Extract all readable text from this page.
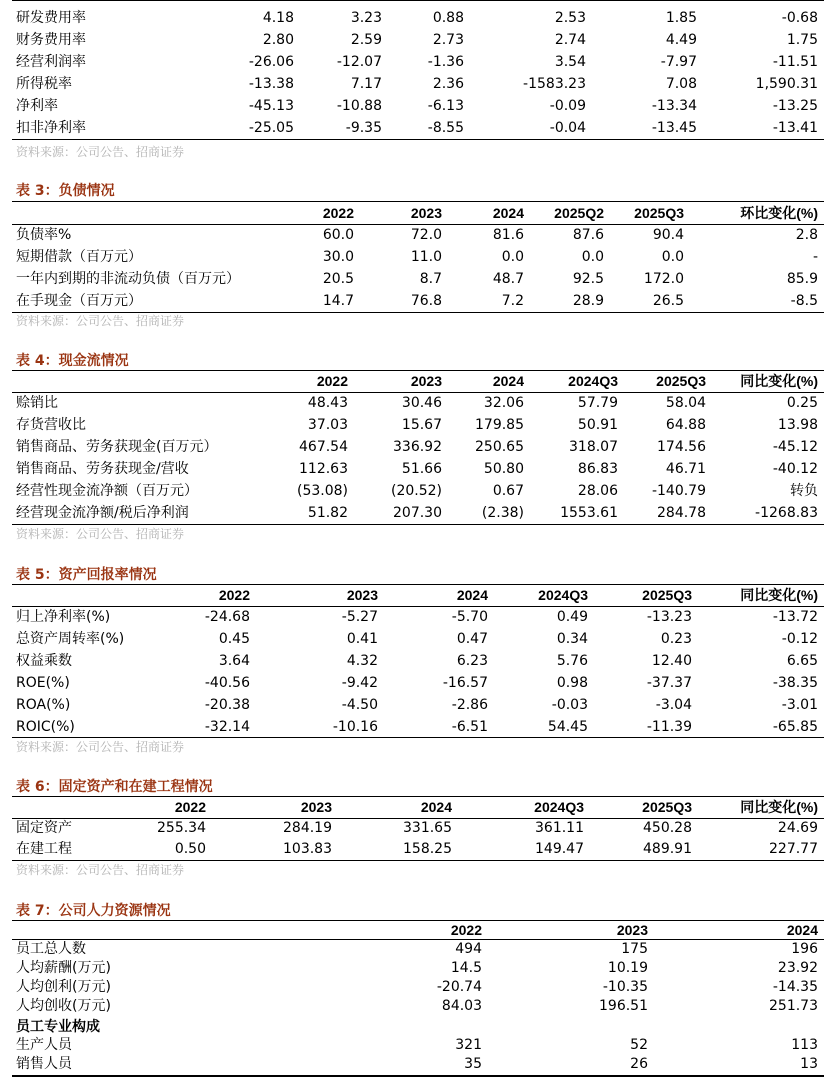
研发费用率	4.18	3.23	0.88	2.53	1.85	-0.68
财务费用率	2.80	2.59	2.73	2.74	4.49	1.75
经营利润率	-26.06	-12.07	-1.36	3.54	-7.97	-11.51
所得税率	-13.38	7.17	2.36	-1583.23	7.08	1,590.31
净利率	-45.13	-10.88	-6.13	-0.09	-13.34	-13.25
扣非净利率	-25.05	-9.35	-8.55	-0.04	-13.45	-13.41
资料来源：公司公告、招商证券
表 3：负债情况
2022	2023	2024 2025Q2 2025Q3	环比变化(%)
负债率%	60.0	72.0	81.6	87.6	90.4	2.8
短期借款（百万元）	30.0	11.0	0.0	0.0	0.0	-
一年内到期的非流动负债（百万元）	20.5	8.7	48.7	92.5	172.0	85.9
在手现金（百万元）	14.7	76.8	7.2	28.9	26.5	-8.5
资料来源：公司公告、招商证券
表 4：现金流情况
2022	2023	2024	2024Q3	2025Q3 同比变化(%)
赊销比	48.43	30.46	32.06	57.79	58.04	0.25
存货营收比	37.03	15.67 179.85	50.91	64.88	13.98
销售商品、劳务获现金(百万元）	467.54	336.92 250.65	318.07	174.56	-45.12
销售商品、劳务获现金/营收	112.63	51.66	50.80	86.83	46.71	-40.12
经营性现金流净额（百万元）	(53.08)	(20.52)	0.67	28.06 -140.79	转负
经营现金流净额/税后净利润	51.82	207.30	(2.38)	1553.61	284.78	-1268.83
资料来源：公司公告、招商证券
表 5：资产回报率情况
2022	2023	2024	2024Q3	2025Q3	同比变化(%)
归上净利率(%)	-24.68	-5.27	-5.70	0.49	-13.23	-13.72
总资产周转率(%)	0.45	0.41	0.47	0.34	0.23	-0.12
权益乘数	3.64	4.32	6.23	5.76	12.40	6.65
ROE(%)	-40.56	-9.42	-16.57	0.98	-37.37	-38.35
ROA(%)	-20.38	-4.50	-2.86	-0.03	-3.04	-3.01
ROIC(%)	-32.14	-10.16	-6.51	54.45	-11.39	-65.85
资料来源：公司公告、招商证券
表 6：固定资产和在建工程情况
2022	2023	2024	2024Q3	2025Q3	同比变化(%)
固定资产	255.34	284.19	331.65	361.11	450.28	24.69
在建工程	0.50	103.83	158.25	149.47	489.91	227.77
资料来源：公司公告、招商证券
表 7：公司人力资源情况
2022	2023	2024
员工总人数	494	175	196
人均薪酬(万元)	14.5	10.19	23.92
人均创利(万元)	-20.74	-10.35	-14.35
人均创收(万元)	84.03	196.51	251.73
员工专业构成
生产人员	321	52	113
销售人员	35	26	13
